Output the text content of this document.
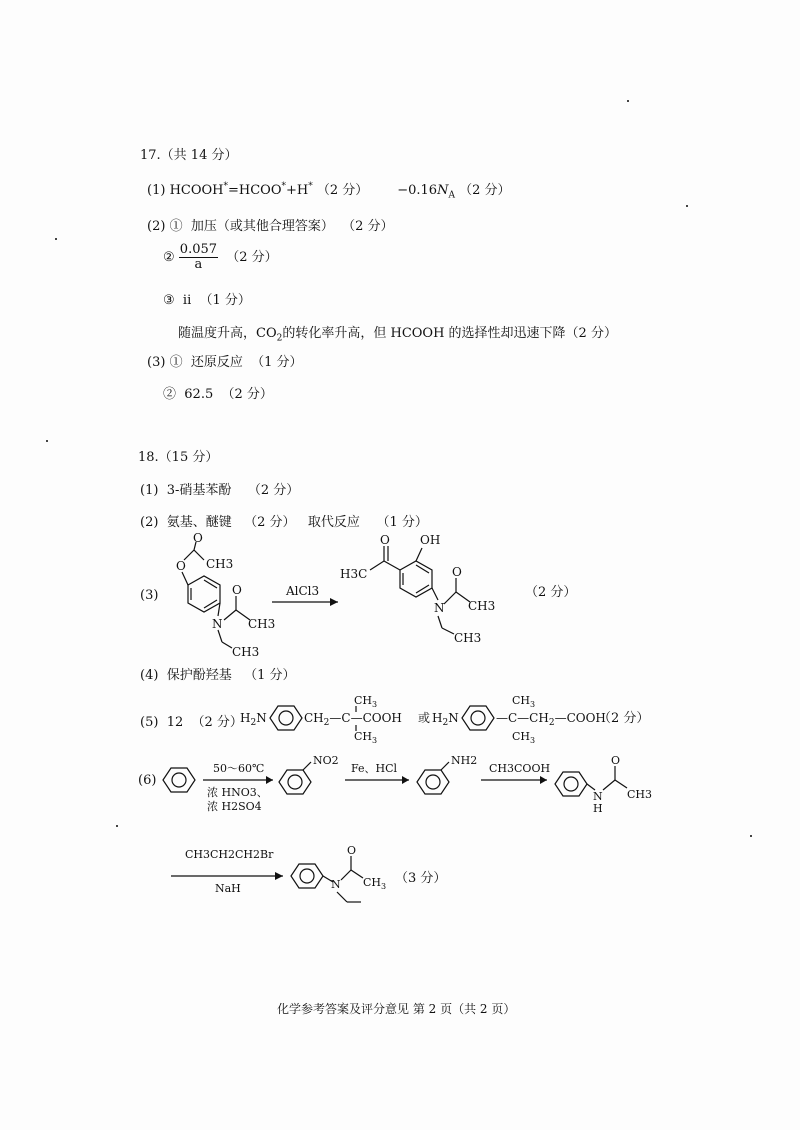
17.（共 14 分）
(1) HCOOH*=HCOO*+H* （2 分） $-0.16N_A$ （2 分）
(2) ① 加压（或其他合理答案） （2 分）
② $\frac{0.057}{a} (2$ 分）
③ ii （1 分）
随温度升高，$CO_2$的转化率升高，但 HCOOH 的选择性却迅速下降（2 分）
(3) ① 还原反应 （1 分）
② 62.5 （2 分）
18.（15 分）
(1) 3-硝基苯酚 （2 分）
(2) 氨基、醚键 （2 分） 取代反应 （1 分）
(3)
O
O
CH3
N
O
CH3
CH3
AlCl3
O
H3C
OH
N
O
CH3
CH3
（2 分）
(4) 保护酚羟基 （1 分）
(5) 12 （2 分）
$H_2N$	$CH_2—C—COOH$
$CH_3$
$CH_3$
或 $H_2N$	$—C—CH_2—COOH$
$CH_3$
$CH_3$
（2 分）
(6)
50～60℃
浓 HNO3、
浓 H2SO4
NO2
Fe、HCl
NH2
CH3COOH
N
H
O
CH3
CH3CH2CH2Br
NaH	N
O
$CH_3$
（3 分）
化学参考答案及评分意见 第 2 页（共 2 页）
